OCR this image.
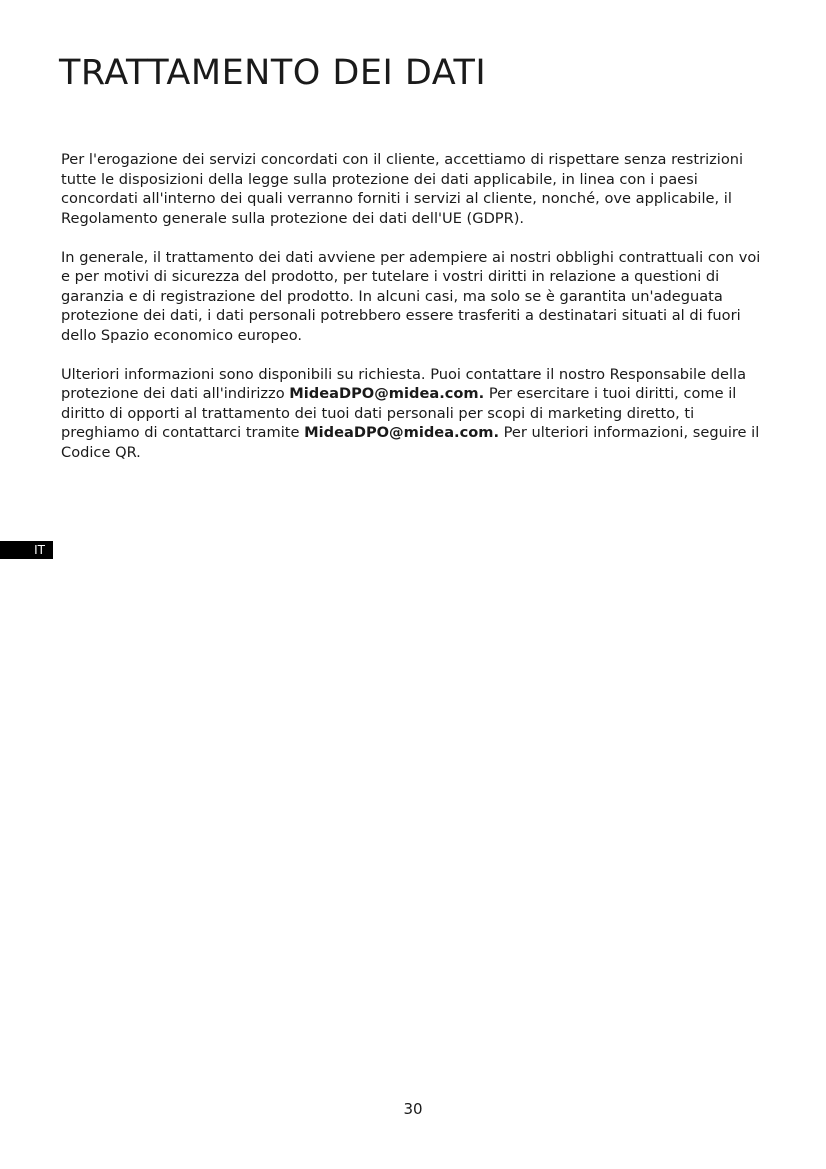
TRATTAMENTO DEI DATI

Per l'erogazione dei servizi concordati con il cliente, accettiamo di rispettare senza restrizioni tutte le disposizioni della legge sulla protezione dei dati applicabile, in linea con i paesi concordati all'interno dei quali verranno forniti i servizi al cliente, nonché, ove applicabile, il Regolamento generale sulla protezione dei dati dell'UE (GDPR).

In generale, il trattamento dei dati avviene per adempiere ai nostri obblighi contrattuali con voi e per motivi di sicurezza del prodotto, per tutelare i vostri diritti in relazione a questioni di garanzia e di registrazione del prodotto. In alcuni casi, ma solo se è garantita un'adeguata protezione dei dati, i dati personali potrebbero essere trasferiti a destinatari situati al di fuori dello Spazio economico europeo.

Ulteriori informazioni sono disponibili su richiesta. Puoi contattare il nostro Responsabile della protezione dei dati all'indirizzo MideaDPO@midea.com. Per esercitare i tuoi diritti, come il diritto di opporti al trattamento dei tuoi dati personali per scopi di marketing diretto, ti preghiamo di contattarci tramite MideaDPO@midea.com. Per ulteriori informazioni, seguire il Codice QR.

IT
30
